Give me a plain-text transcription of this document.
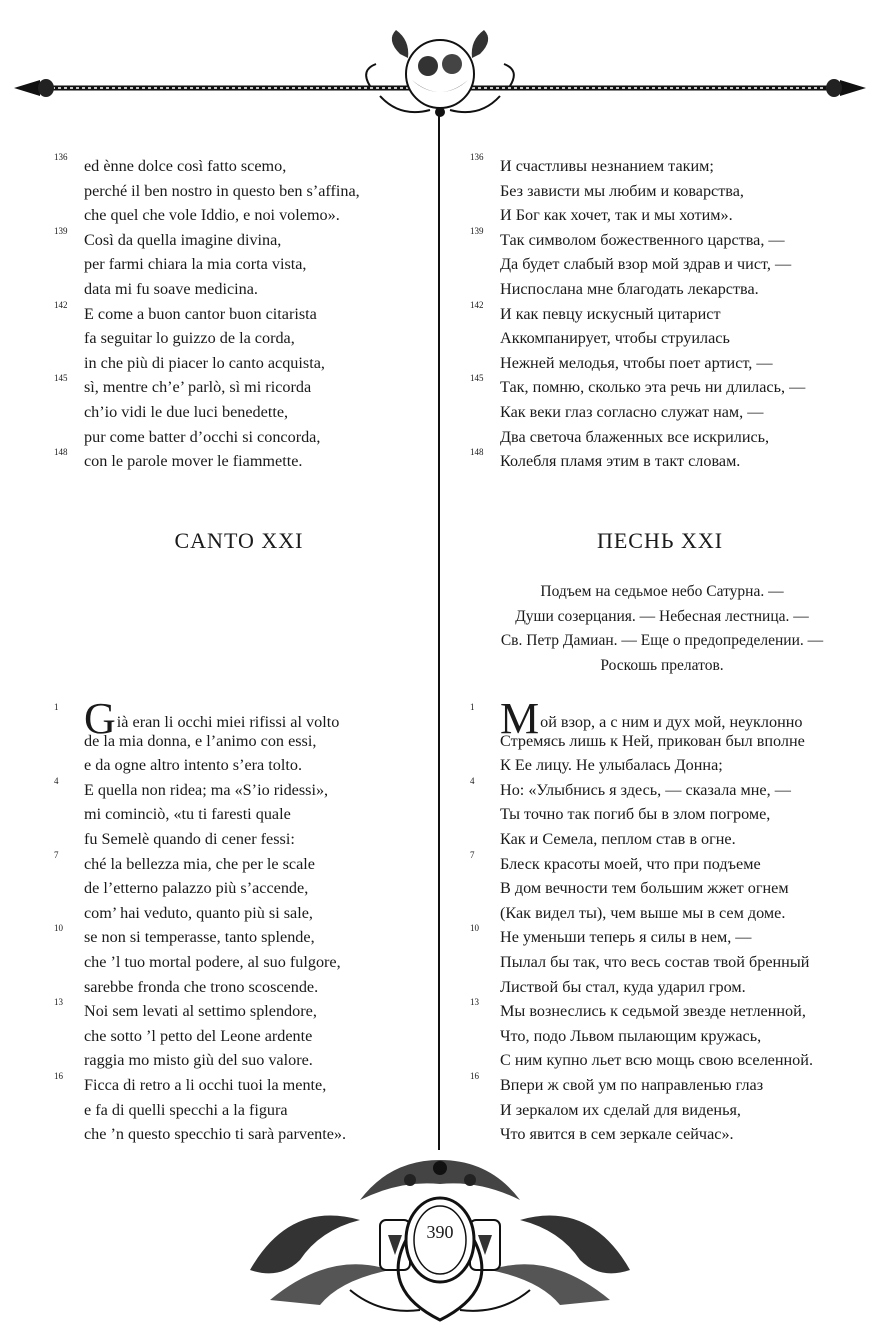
136 ed ènne dolce così fatto scemo,
perché il ben nostro in questo ben s’affina,
che quel che vole Iddio, e noi volemo».
139 Così da quella imagine divina,
per farmi chiara la mia corta vista,
data mi fu soave medicina.
142 E come a buon cantor buon citarista
fa seguitar lo guizzo de la corda,
in che più di piacer lo canto acquista,
145 sì, mentre ch’e’ parlò, sì mi ricorda
ch’io vidi le due luci benedette,
pur come batter d’occhi si concorda,
148 con le parole mover le fiammette.
CANTO XXI
1 Già eran li occhi miei rifissi al volto
de la mia donna, e l’animo con essi,
e da ogne altro intento s’era tolto.
4 E quella non ridea; ma «S’io ridessi»,
mi cominciò, «tu ti faresti quale
fu Semelè quando di cener fessi:
7 ché la bellezza mia, che per le scale
de l’etterno palazzo più s’accende,
com’ hai veduto, quanto più si sale,
10 se non si temperasse, tanto splende,
che ’l tuo mortal podere, al suo fulgore,
sarebbe fronda che trono scoscende.
13 Noi sem levati al settimo splendore,
che sotto ’l petto del Leone ardente
raggia mo misto giù del suo valore.
16 Ficca di retro a li occhi tuoi la mente,
e fa di quelli specchi a la figura
che ’n questo specchio ti sarà parvente».
136 И счастливы незнанием таким;
Без зависти мы любим и коварства,
И Бог как хочет, так и мы хотим».
139 Так символом божественного царства, —
Да будет слабый взор мой здрав и чист, —
Ниспослана мне благодать лекарства.
142 И как певцу искусный цитарист
Аккомпанирует, чтобы струилась
Нежней мелодья, чтобы поет артист, —
145 Так, помню, сколько эта речь ни длилась, —
Как веки глаз согласно служат нам, —
Два светоча блаженных все искрились,
148 Колебля пламя этим в такт словам.
ПЕСНЬ XXI
Подъем на седьмое небо Сатурна. —
Души созерцания. — Небесная лестница. —
Св. Петр Дамиан. — Еще о предопределении. —
Роскошь прелатов.
1 Мой взор, а с ним и дух мой, неуклонно
Стремясь лишь к Ней, прикован был вполне
К Ее лицу. Не улыбалась Донна;
4 Но: «Улыбнись я здесь, — сказала мне, —
Ты точно так погиб бы в злом погроме,
Как и Семела, пеплом став в огне.
7 Блеск красоты моей, что при подъеме
В дом вечности тем большим жжет огнем
(Как видел ты), чем выше мы в сем доме.
10 Не уменьши теперь я силы в нем, —
Пылал бы так, что весь состав твой бренный
Листвой бы стал, куда ударил гром.
13 Мы вознеслись к седьмой звезде нетленной,
Что, подо Львом пылающим кружась,
С ним купно льет всю мощь свою вселенной.
16 Впери ж свой ум по направленью глаз
И зеркалом их сделай для виденья,
Что явится в сем зеркале сейчас».
390
